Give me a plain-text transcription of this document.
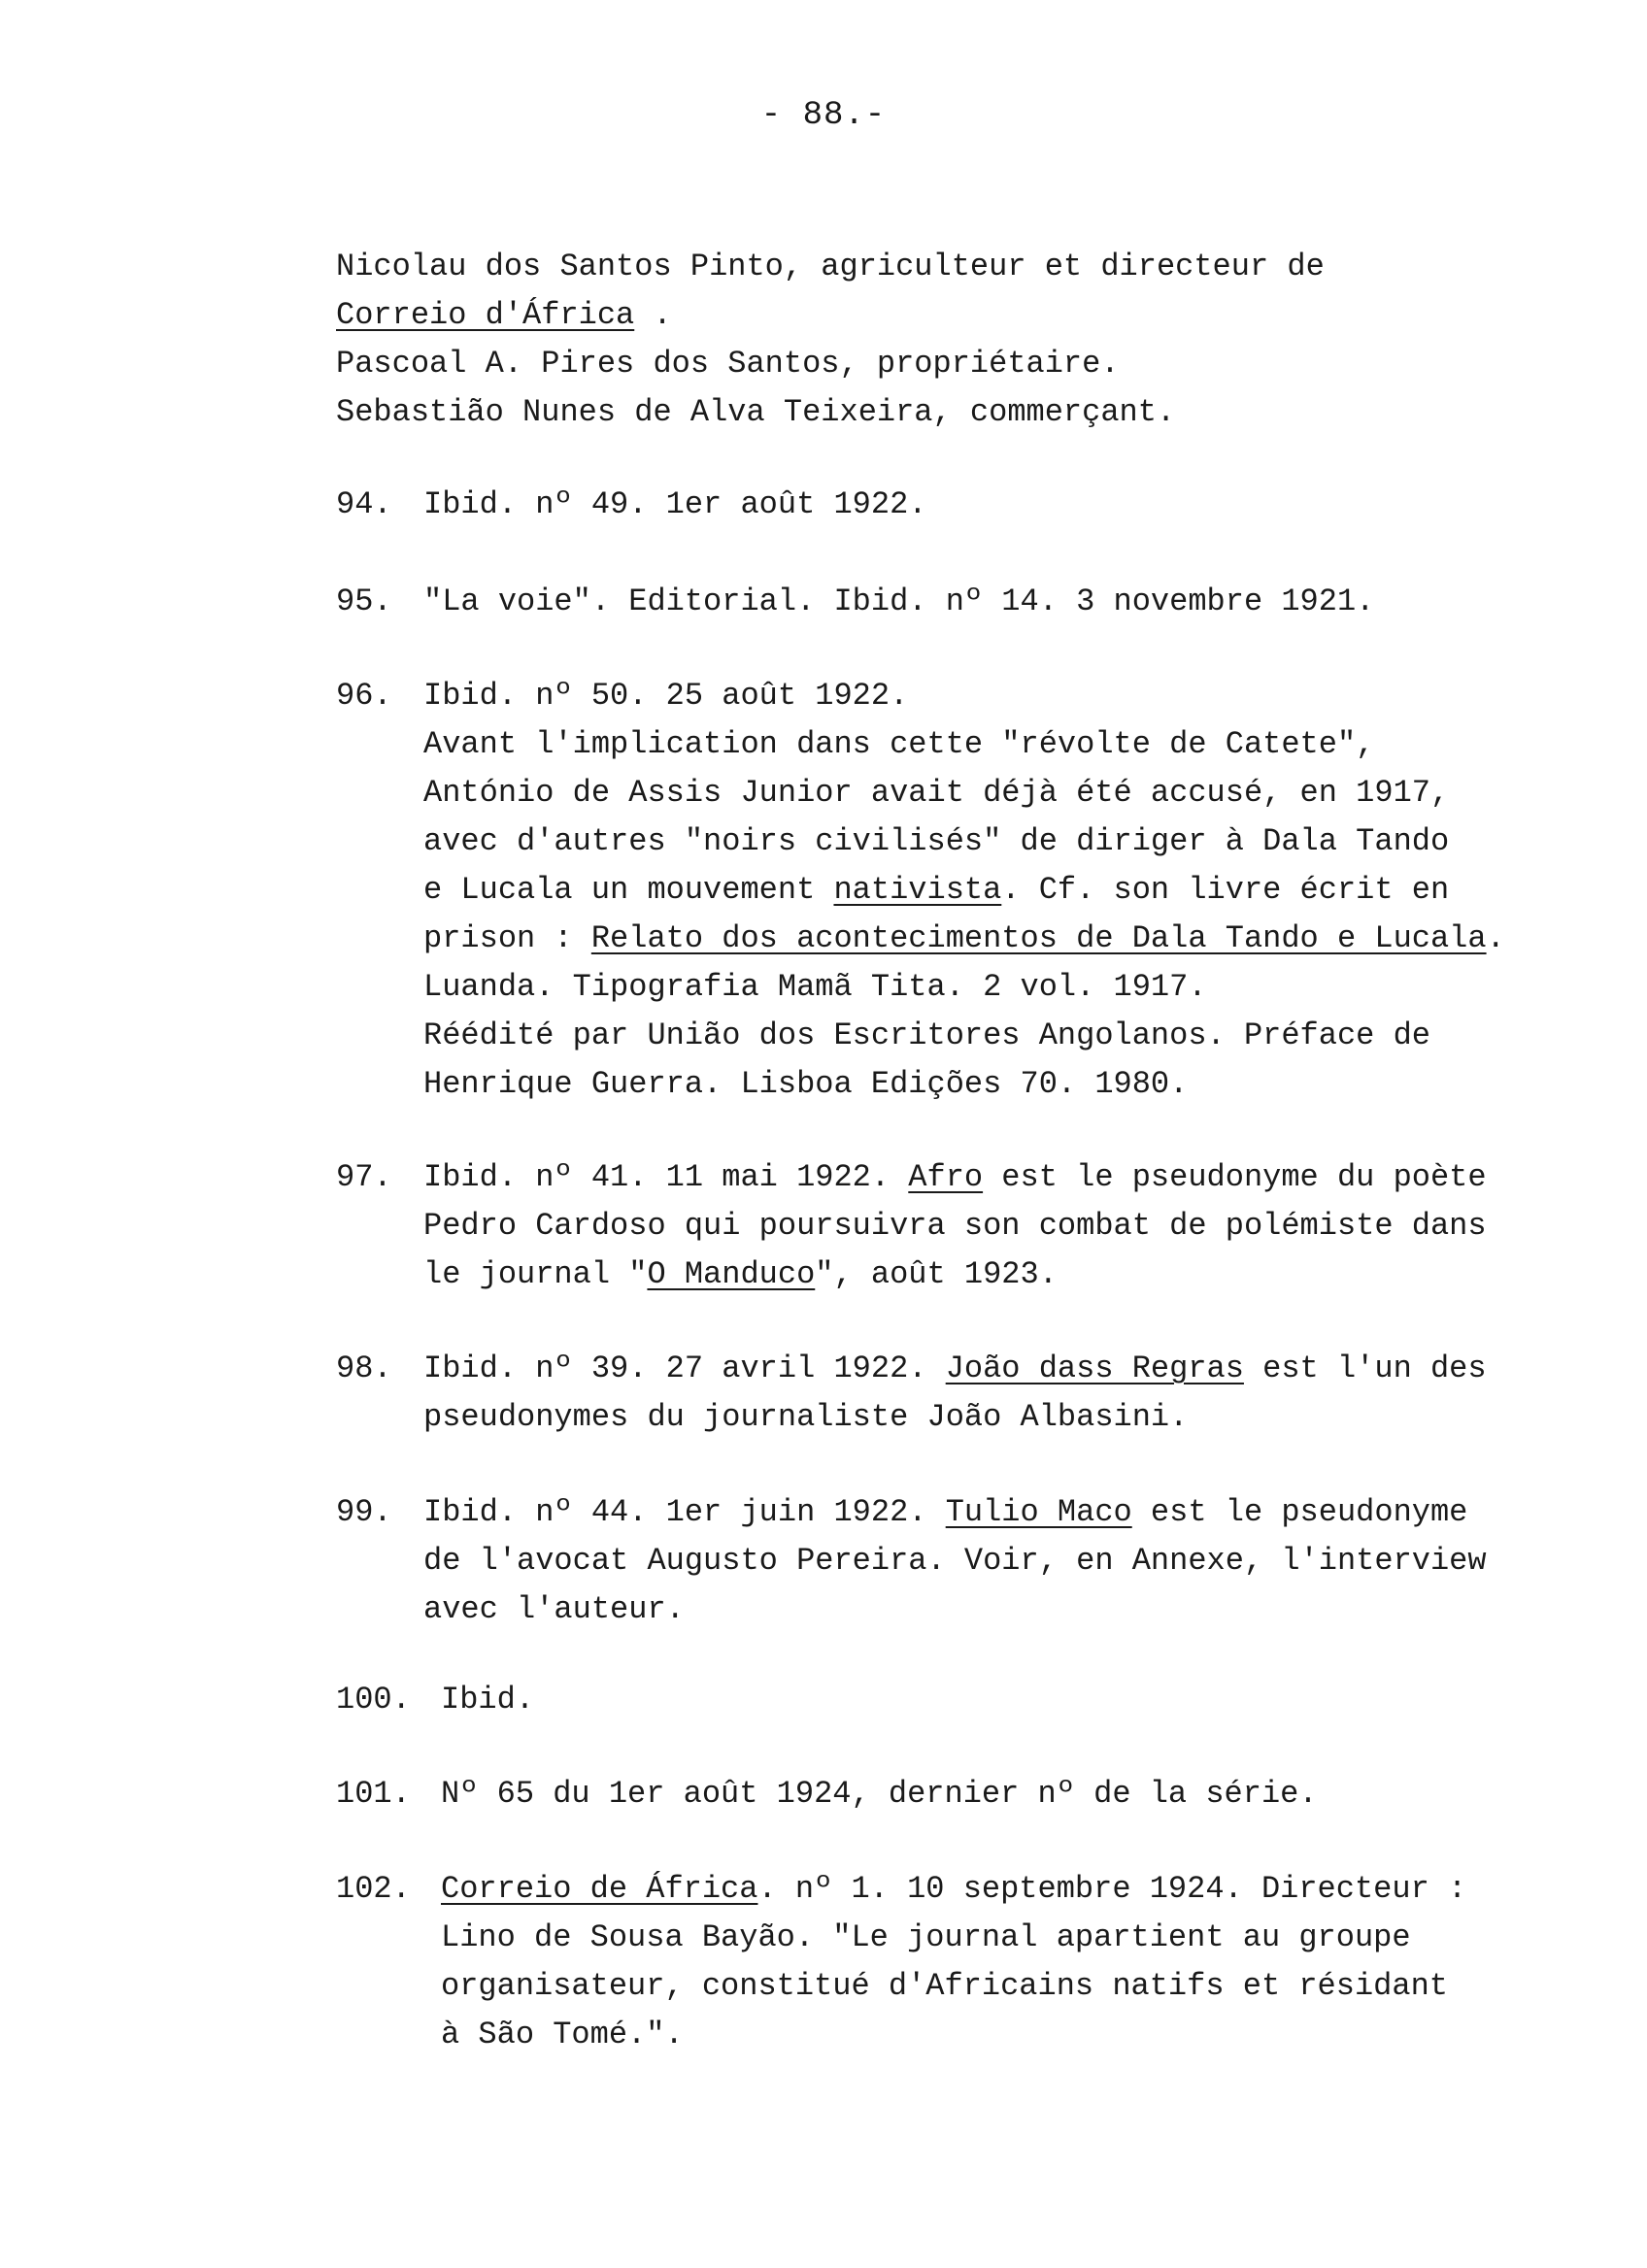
- 88.-
Nicolau dos Santos Pinto, agriculteur et directeur de
Correio d'África .
Pascoal A. Pires dos Santos, propriétaire.
Sebastião Nunes de Alva Teixeira, commerçant.
94. Ibid. nº 49. 1er août 1922.
95. "La voie". Editorial. Ibid. nº 14. 3 novembre 1921.
96. Ibid. nº 50. 25 août 1922.
Avant l'implication dans cette "révolte de Catete",
António de Assis Junior avait déjà été accusé, en 1917,
avec d'autres "noirs civilisés" de diriger à Dala Tando
e Lucala un mouvement nativista. Cf. son livre écrit en
prison : Relato dos acontecimentos de Dala Tando e Lucala.
Luanda. Tipografia Mamã Tita. 2 vol. 1917.
Réédité par União dos Escritores Angolanos. Préface de
Henrique Guerra. Lisboa Edições 70. 1980.
97. Ibid. nº 41. 11 mai 1922. Afro est le pseudonyme du poète
Pedro Cardoso qui poursuivra son combat de polémiste dans
le journal "O Manduco", août 1923.
98. Ibid. nº 39. 27 avril 1922. João dass Regras est l'un des
pseudonymes du journaliste João Albasini.
99. Ibid. nº 44. 1er juin 1922. Tulio Maco est le pseudonyme
de l'avocat Augusto Pereira. Voir, en Annexe, l'interview
avec l'auteur.
100. Ibid.
101. Nº 65 du 1er août 1924, dernier nº de la série.
102. Correio de África. nº 1. 10 septembre 1924. Directeur :
Lino de Sousa Bayão. "Le journal apartient au groupe
organisateur, constitué d'Africains natifs et résidant
à São Tomé.".
